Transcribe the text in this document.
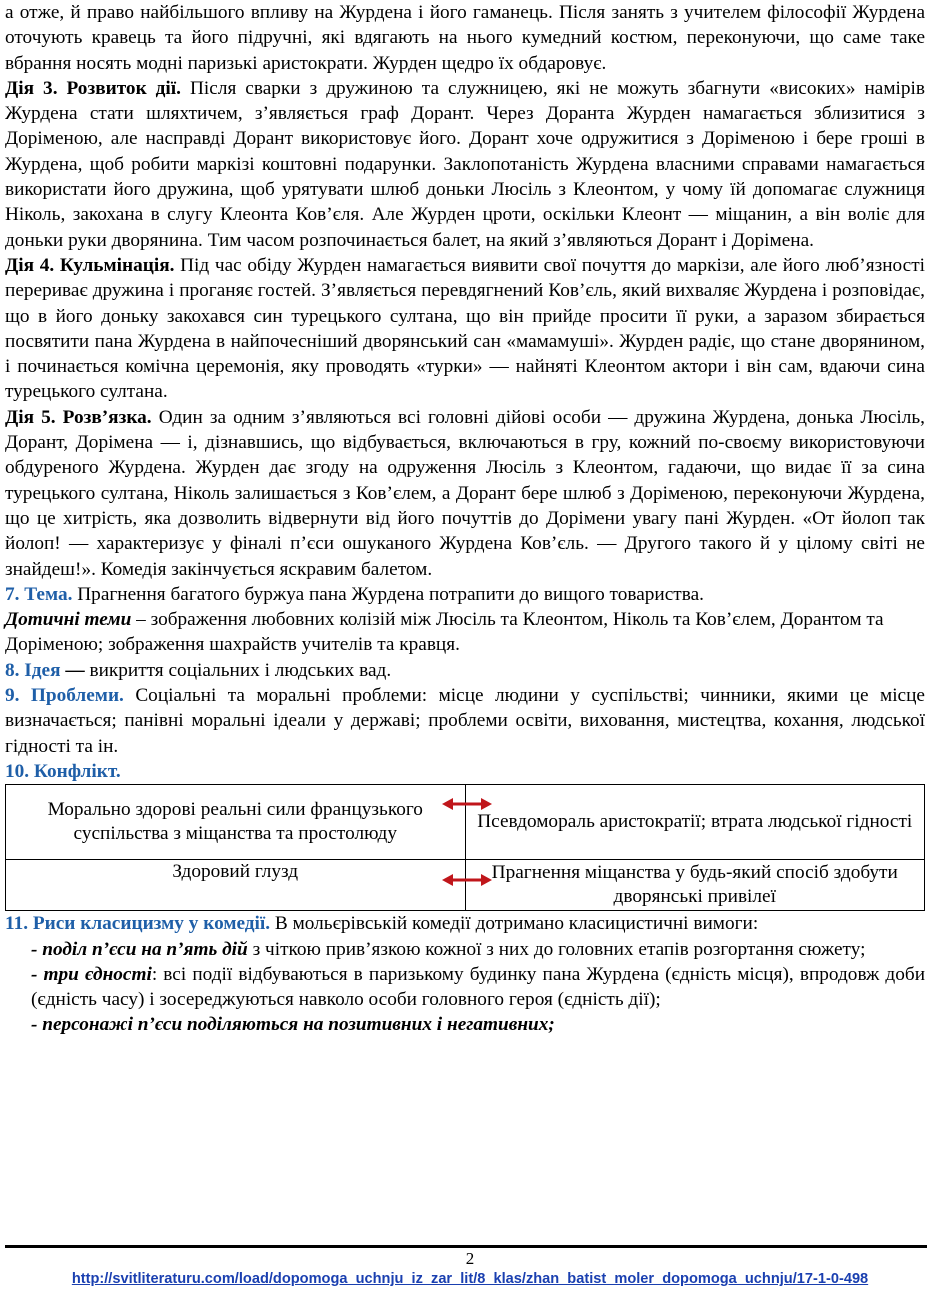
а отже, й право найбільшого впливу на Журдена і його гаманець. Після занять з учителем філософії Журдена оточують кравець та його підручні, які вдягають на нього кумедний костюм, переконуючи, що саме таке вбрання носять модні паризькі аристократи. Журден щедро їх обдаровує.

Дія 3. Розвиток дії. Після сварки з дружиною та служницею, які не можуть збагнути «високих» намірів Журдена стати шляхтичем, з’являється граф Дорант. Через Доранта Журден намагається зблизитися з Доріменою, але насправді Дорант використовує його. Дорант хоче одружитися з Доріменою і бере гроші в Журдена, щоб робити маркізі коштовні подарунки. Заклопотаність Журдена власними справами намагається використати його дружина, щоб урятувати шлюб доньки Люсіль з Клеонтом, у чому їй допомагає служниця Ніколь, закохана в слугу Клеонта Ков’єля. Але Журден цроти, оскільки Клеонт — міщанин, а він воліє для доньки руки дворянина. Тим часом розпочинається балет, на який з’являються Дорант і Доріменa.

Дія 4. Кульмінація. Під час обіду Журден намагається виявити свої почуття до маркізи, але його люб’язності перериває дружина і проганяє гостей. З’являється перевдягнений Ков’єль, який вихваляє Журдена і розповідає, що в його доньку закохався син турецького султана, що він прийде просити її руки, а заразом збирається посвятити пана Журдена в найпочесніший дворянський сан «мамамуші». Журден радіє, що стане дворянином, і починається комічна церемонія, яку проводять «турки» — найняті Клеонтом актори і він сам, вдаючи сина турецького султана.

Дія 5. Розв’язка. Один за одним з’являються всі головні дійові особи — дружина Журдена, донька Люсіль, Дорант, Доріменa — і, дізнавшись, що відбувається, включаються в гру, кожний по-своєму використовуючи обдуреного Журдена. Журден дає згоду на одруження Люсіль з Клеонтом, гадаючи, що видає її за сина турецького султана, Ніколь залишається з Ков’єлем, а Дорант бере шлюб з Доріменою, переконуючи Журдена, що це хитрість, яка дозволить відвернути від його почуттів до Дорімени увагу пані Журден. «От йолоп так йолоп! — характеризує у фіналі п’єси ошуканого Журдена Ков’єль. — Другого такого й у цілому світі не знайдеш!». Комедія закінчується яскравим балетом.

7. Тема. Прагнення багатого буржуа пана Журдена потрапити до вищого товариства.

Дотичні теми – зображення любовних колізій між Люсіль та Клеонтом, Ніколь та Ков’єлем, Дорантом та Доріменою; зображення шахрайств учителів та кравця.

8. Ідея — викриття соціальних і людських вад.

9. Проблеми. Соціальні та моральні проблеми: місце людини у суспільстві; чинники, якими це місце визначається; панівні моральні ідеали у державі; проблеми освіти, виховання, мистецтва, кохання, людської гідності та ін.

10. Конфлікт.

Морально здорові реальні сили французького суспільства з міщанства та простолюду	Псевдомораль аристократії; втрата людської гідності
Здоровий глузд	Прагнення міщанства у будь-який спосіб здобути дворянські привілеї

11. Риси класицизму у комедії. В мольєрівській комедії дотримано класицистичні вимоги:

- поділ п’єси на п’ять дій з чіткою прив’язкою кожної з них до головних етапів розгортання сюжету;

- три єдності: всі події відбуваються в паризькому будинку пана Журдена (єдність місця), впродовж доби (єдність часу) і зосереджуються навколо особи головного героя (єдність дії);

- персонажі п’єси поділяються на позитивних і негативних;

2
http://svitliteraturu.com/load/dopomoga_uchnju_iz_zar_lit/8_klas/zhan_batist_moler_dopomoga_uchnju/17-1-0-498
